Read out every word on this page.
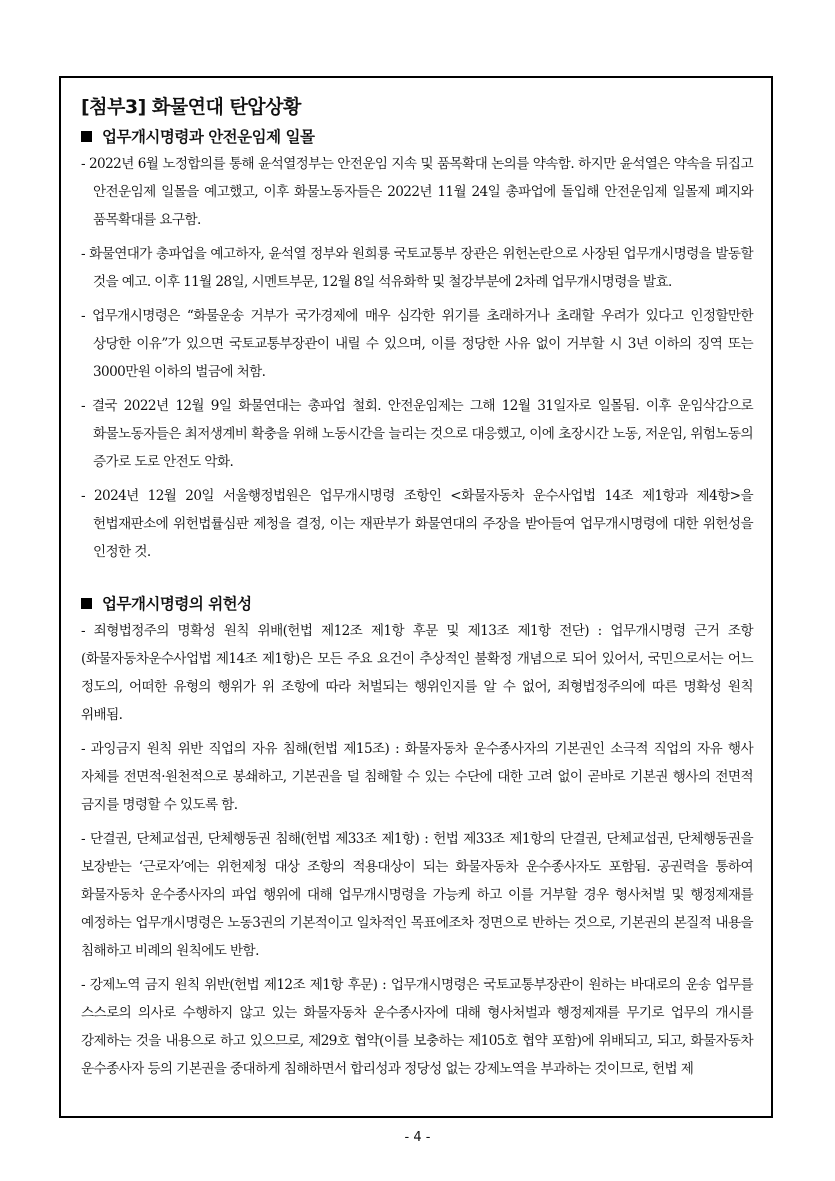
[첨부3] 화물연대 탄압상황
업무개시명령과 안전운임제 일몰

- 2022년 6월 노정합의를 통해 윤석열정부는 안전운임 지속 및 품목확대 논의를 약속함. 하지만 윤석열은 약속을 뒤집고 안전운임제 일몰을 예고했고, 이후 화물노동자들은 2022년 11월 24일 총파업에 돌입해 안전운임제 일몰제 폐지와 품목확대를 요구함.

- 화물연대가 총파업을 예고하자, 윤석열 정부와 원희룡 국토교통부 장관은 위헌논란으로 사장된 업무개시명령을 발동할 것을 예고. 이후 11월 28일, 시멘트부문, 12월 8일 석유화학 및 철강부분에 2차례 업무개시명령을 발효.

- 업무개시명령은 “화물운송 거부가 국가경제에 매우 심각한 위기를 초래하거나 초래할 우려가 있다고 인정할만한 상당한 이유”가 있으면 국토교통부장관이 내릴 수 있으며, 이를 정당한 사유 없이 거부할 시 3년 이하의 징역 또는 3000만원 이하의 벌금에 처함.

- 결국 2022년 12월 9일 화물연대는 총파업 철회. 안전운임제는 그해 12월 31일자로 일몰됨. 이후 운임삭감으로 화물노동자들은 최저생계비 확충을 위해 노동시간을 늘리는 것으로 대응했고, 이에 초장시간 노동, 저운임, 위험노동의 증가로 도로 안전도 악화.

- 2024년 12월 20일 서울행정법원은 업무개시명령 조항인 <화물자동차 운수사업법 14조 제1항과 제4항>을 헌법재판소에 위헌법률심판 제청을 결정, 이는 재판부가 화물연대의 주장을 받아들여 업무개시명령에 대한 위헌성을 인정한 것.

업무개시명령의 위헌성

- 죄형법정주의 명확성 원칙 위배(헌법 제12조 제1항 후문 및 제13조 제1항 전단) : 업무개시명령 근거 조항(화물자동차운수사업법 제14조 제1항)은 모든 주요 요건이 추상적인 불확정 개념으로 되어 있어서, 국민으로서는 어느 정도의, 어떠한 유형의 행위가 위 조항에 따라 처벌되는 행위인지를 알 수 없어, 죄형법정주의에 따른 명확성 원칙 위배됨.

- 과잉금지 원칙 위반 직업의 자유 침해(헌법 제15조) : 화물자동차 운수종사자의 기본권인 소극적 직업의 자유 행사 자체를 전면적·원천적으로 봉쇄하고, 기본권을 덜 침해할 수 있는 수단에 대한 고려 없이 곧바로 기본권 행사의 전면적 금지를 명령할 수 있도록 함.

- 단결권, 단체교섭권, 단체행동권 침해(헌법 제33조 제1항) : 헌법 제33조 제1항의 단결권, 단체교섭권, 단체행동권을 보장받는 ‘근로자’에는 위헌제청 대상 조항의 적용대상이 되는 화물자동차 운수종사자도 포함됨. 공권력을 통하여 화물자동차 운수종사자의 파업 행위에 대해 업무개시명령을 가능케 하고 이를 거부할 경우 형사처벌 및 행정제재를 예정하는 업무개시명령은 노동3권의 기본적이고 일차적인 목표에조차 정면으로 반하는 것으로, 기본권의 본질적 내용을 침해하고 비례의 원칙에도 반함.

- 강제노역 금지 원칙 위반(헌법 제12조 제1항 후문) : 업무개시명령은 국토교통부장관이 원하는 바대로의 운송 업무를 스스로의 의사로 수행하지 않고 있는 화물자동차 운수종사자에 대해 형사처벌과 행정제재를 무기로 업무의 개시를 강제하는 것을 내용으로 하고 있으므로, 제29호 협약(이를 보충하는 제105호 협약 포함)에 위배되고, 되고, 화물자동차 운수종사자 등의 기본권을 중대하게 침해하면서 합리성과 정당성 없는 강제노역을 부과하는 것이므로, 헌법 제

- 4 -
